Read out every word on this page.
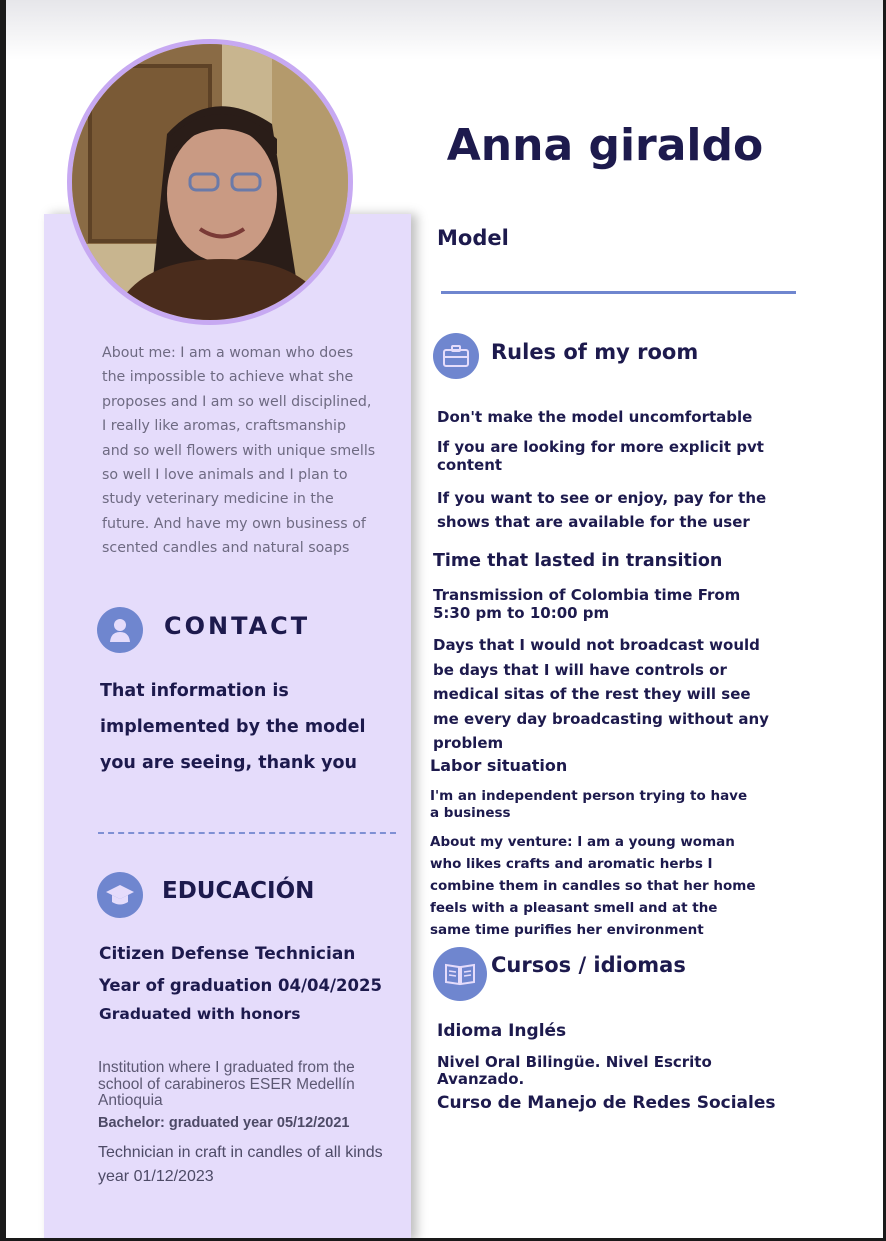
About me: I am a woman who does the impossible to achieve what she proposes and I am so well disciplined, I really like aromas, craftsmanship and so well flowers with unique smells so well I love animals and I plan to study veterinary medicine in the future. And have my own business of scented candles and natural soaps
CONTACT
That information is implemented by the model you are seeing, thank you
EDUCACIÓN
Citizen Defense Technician
Year of graduation 04/04/2025
Graduated with honors
Institution where I graduated from the school of carabineros ESER Medellín Antioquia
Bachelor: graduated year 05/12/2021
Technician in craft in candles of all kinds year 01/12/2023
Anna giraldo
Model
Rules of my room
Don't make the model uncomfortable
If you are looking for more explicit pvt content
If you want to see or enjoy, pay for the shows that are available for the user
Time that lasted in transition
Transmission of Colombia time From 5:30 pm to 10:00 pm
Days that I would not broadcast would be days that I will have controls or medical sitas of the rest they will see me every day broadcasting without any problem
Labor situation
I'm an independent person trying to have a business
About my venture: I am a young woman who likes crafts and aromatic herbs I combine them in candles so that her home feels with a pleasant smell and at the same time purifies her environment
Cursos / idiomas
Idioma Inglés
Nivel Oral Bilingüe. Nivel Escrito Avanzado.
Curso de Manejo de Redes Sociales
